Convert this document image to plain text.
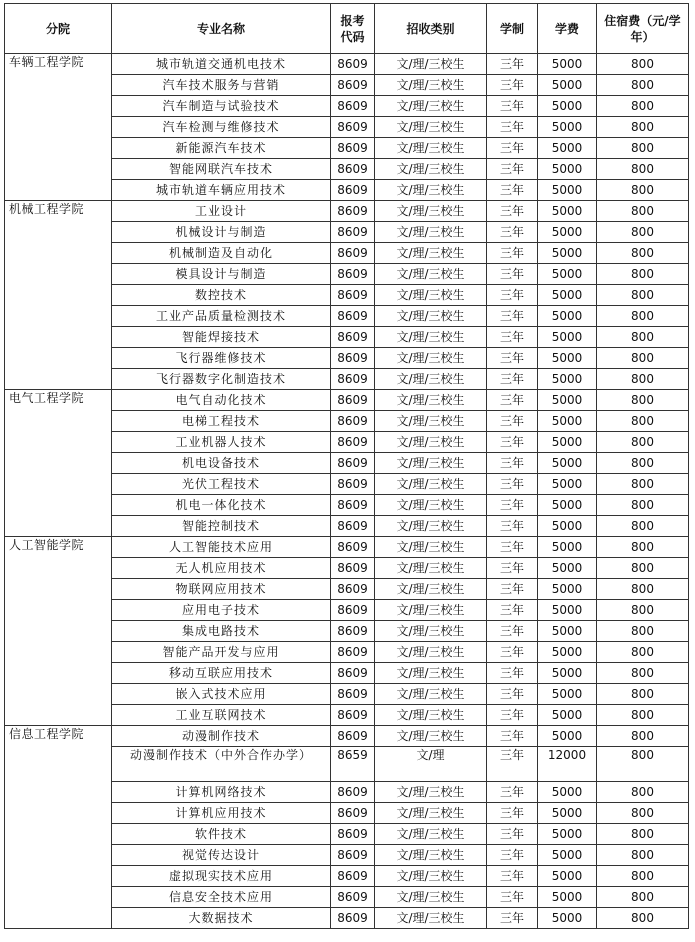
分院	专业名称	报考代码	招收类别	学制	学费	住宿费（元/学年）
车辆工程学院	城市轨道交通机电技术	8609	文/理/三校生	三年	5000	800
	汽车技术服务与营销	8609	文/理/三校生	三年	5000	800
	汽车制造与试验技术	8609	文/理/三校生	三年	5000	800
	汽车检测与维修技术	8609	文/理/三校生	三年	5000	800
	新能源汽车技术	8609	文/理/三校生	三年	5000	800
	智能网联汽车技术	8609	文/理/三校生	三年	5000	800
	城市轨道车辆应用技术	8609	文/理/三校生	三年	5000	800
机械工程学院	工业设计	8609	文/理/三校生	三年	5000	800
	机械设计与制造	8609	文/理/三校生	三年	5000	800
	机械制造及自动化	8609	文/理/三校生	三年	5000	800
	模具设计与制造	8609	文/理/三校生	三年	5000	800
	数控技术	8609	文/理/三校生	三年	5000	800
	工业产品质量检测技术	8609	文/理/三校生	三年	5000	800
	智能焊接技术	8609	文/理/三校生	三年	5000	800
	飞行器维修技术	8609	文/理/三校生	三年	5000	800
	飞行器数字化制造技术	8609	文/理/三校生	三年	5000	800
电气工程学院	电气自动化技术	8609	文/理/三校生	三年	5000	800
	电梯工程技术	8609	文/理/三校生	三年	5000	800
	工业机器人技术	8609	文/理/三校生	三年	5000	800
	机电设备技术	8609	文/理/三校生	三年	5000	800
	光伏工程技术	8609	文/理/三校生	三年	5000	800
	机电一体化技术	8609	文/理/三校生	三年	5000	800
	智能控制技术	8609	文/理/三校生	三年	5000	800
人工智能学院	人工智能技术应用	8609	文/理/三校生	三年	5000	800
	无人机应用技术	8609	文/理/三校生	三年	5000	800
	物联网应用技术	8609	文/理/三校生	三年	5000	800
	应用电子技术	8609	文/理/三校生	三年	5000	800
	集成电路技术	8609	文/理/三校生	三年	5000	800
	智能产品开发与应用	8609	文/理/三校生	三年	5000	800
	移动互联应用技术	8609	文/理/三校生	三年	5000	800
	嵌入式技术应用	8609	文/理/三校生	三年	5000	800
	工业互联网技术	8609	文/理/三校生	三年	5000	800
信息工程学院	动漫制作技术	8609	文/理/三校生	三年	5000	800
	动漫制作技术（中外合作办学）	8659	文/理	三年	12000	800
	计算机网络技术	8609	文/理/三校生	三年	5000	800
	计算机应用技术	8609	文/理/三校生	三年	5000	800
	软件技术	8609	文/理/三校生	三年	5000	800
	视觉传达设计	8609	文/理/三校生	三年	5000	800
	虚拟现实技术应用	8609	文/理/三校生	三年	5000	800
	信息安全技术应用	8609	文/理/三校生	三年	5000	800
	大数据技术	8609	文/理/三校生	三年	5000	800
